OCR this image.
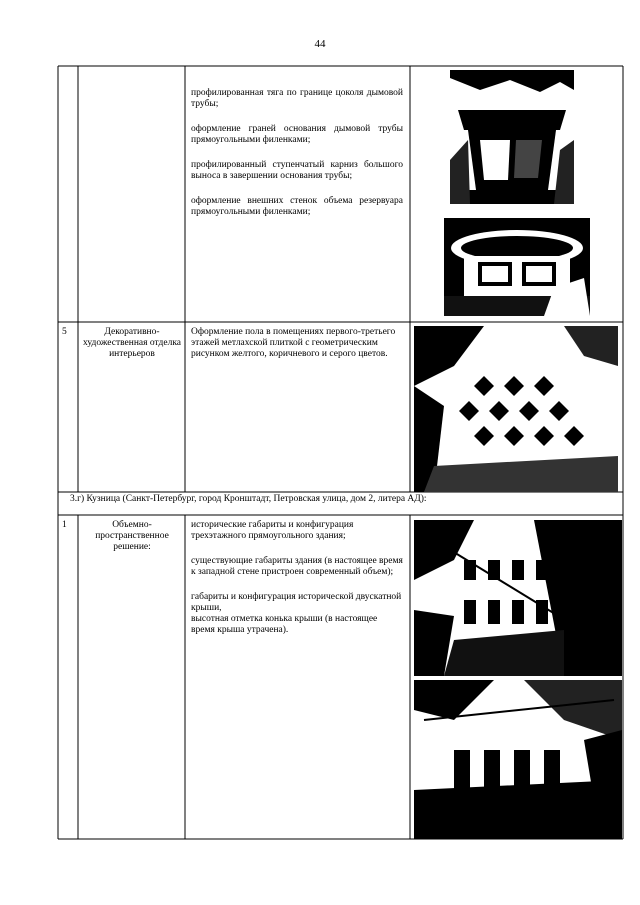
44

профилированная тяга по границе цоколя дымовой трубы;

оформление граней основания дымовой трубы прямоугольными филенками;

профилированный ступенчатый карниз большого выноса в завершении основания трубы;

оформление внешних стенок объема резервуара прямоугольными филенками;

5	Декоративно-художественная отделка интерьеров

Оформление пола в помещениях первого-третьего этажей метлахской плиткой с геометрическим рисунком желтого, коричневого и серого цветов.

3.г) Кузница (Санкт-Петербург, город Кронштадт, Петровская улица, дом 2, литера АД):
1	Объемно-пространственное решение:

исторические габариты и конфигурация трехэтажного прямоугольного здания;

существующие габариты здания (в настоящее время к западной стене пристроен современный объем);

габариты и конфигурация исторической двускатной крыши,

высотная отметка конька крыши (в настоящее время крыша утрачена).
